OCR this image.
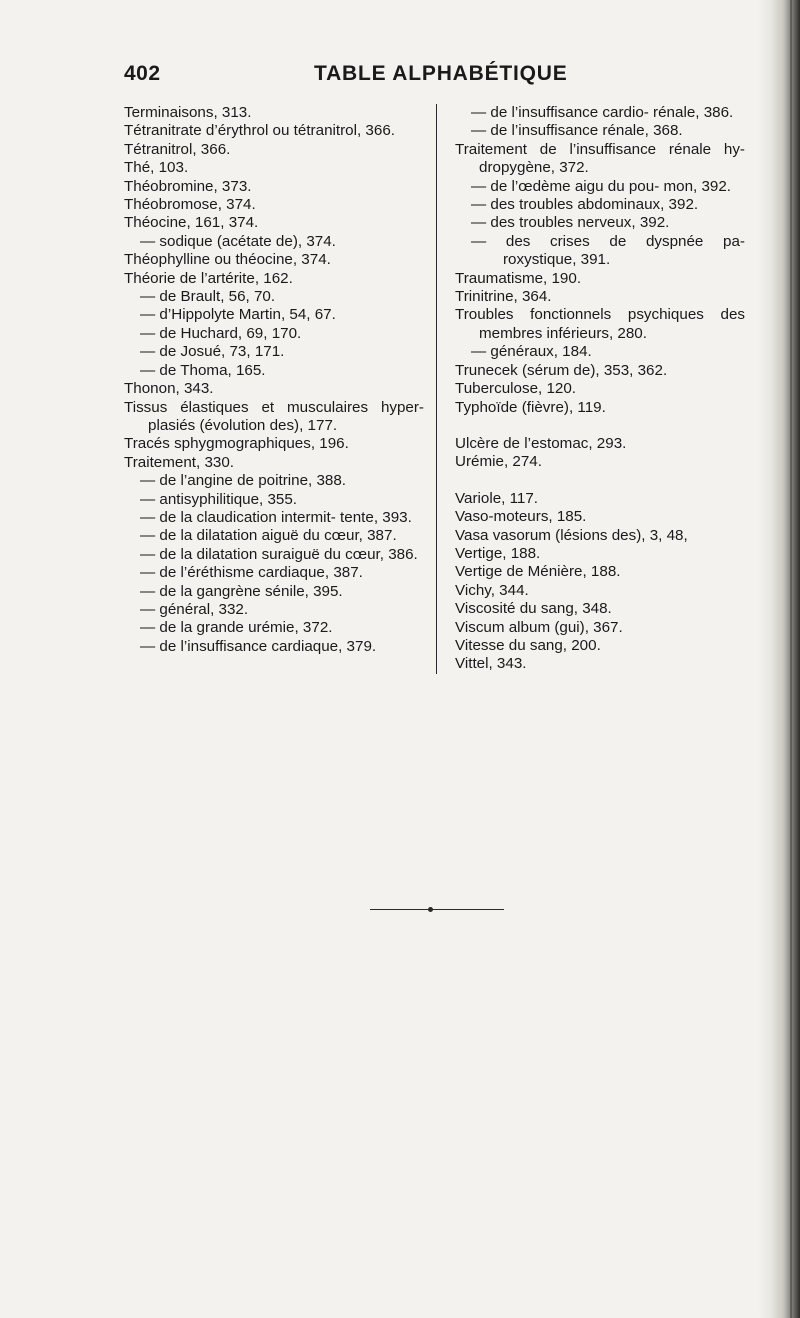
402	TABLE ALPHABÉTIQUE

Terminaisons, 313.

Tétranitrate d’érythrol ou tétranitrol, 366.

Tétranitrol, 366.

Thé, 103.

Théobromine, 373.

Théobromose, 374.

Théocine, 161, 374.

— sodique (acétate de), 374.

Théophylline ou théocine, 374.

Théorie de l’artérite, 162.

— de Brault, 56, 70.

— d’Hippolyte Martin, 54, 67.

— de Huchard, 69, 170.

— de Josué, 73, 171.

— de Thoma, 165.

Thonon, 343.

Tissus élastiques et musculaires hyper- plasiés (évolution des), 177.

Tracés sphygmographiques, 196.

Traitement, 330.

— de l’angine de poitrine, 388.

— antisyphilitique, 355.

— de la claudication intermit- tente, 393.

— de la dilatation aiguë du cœur, 387.

— de la dilatation suraiguë du cœur, 386.

— de l’éréthisme cardiaque, 387.

— de la gangrène sénile, 395.

— général, 332.

— de la grande urémie, 372.

— de l’insuffisance cardiaque, 379.

— de l’insuffisance cardio- rénale, 386.

— de l’insuffisance rénale, 368.

Traitement de l’insuffisance rénale hy- dropygène, 372.

— de l’œdème aigu du pou- mon, 392.

— des troubles abdominaux, 392.

— des troubles nerveux, 392.

— des crises de dyspnée pa- roxystique, 391.

Traumatisme, 190.

Trinitrine, 364.

Troubles fonctionnels psychiques des membres inférieurs, 280.

— généraux, 184.

Trunecek (sérum de), 353, 362.

Tuberculose, 120.

Typhoïde (fièvre), 119.

Ulcère de l’estomac, 293.

Urémie, 274.

Variole, 117.

Vaso-moteurs, 185.

Vasa vasorum (lésions des), 3, 48,

Vertige, 188.

Vertige de Ménière, 188.

Vichy, 344.

Viscosité du sang, 348.

Viscum album (gui), 367.

Vitesse du sang, 200.

Vittel, 343.
